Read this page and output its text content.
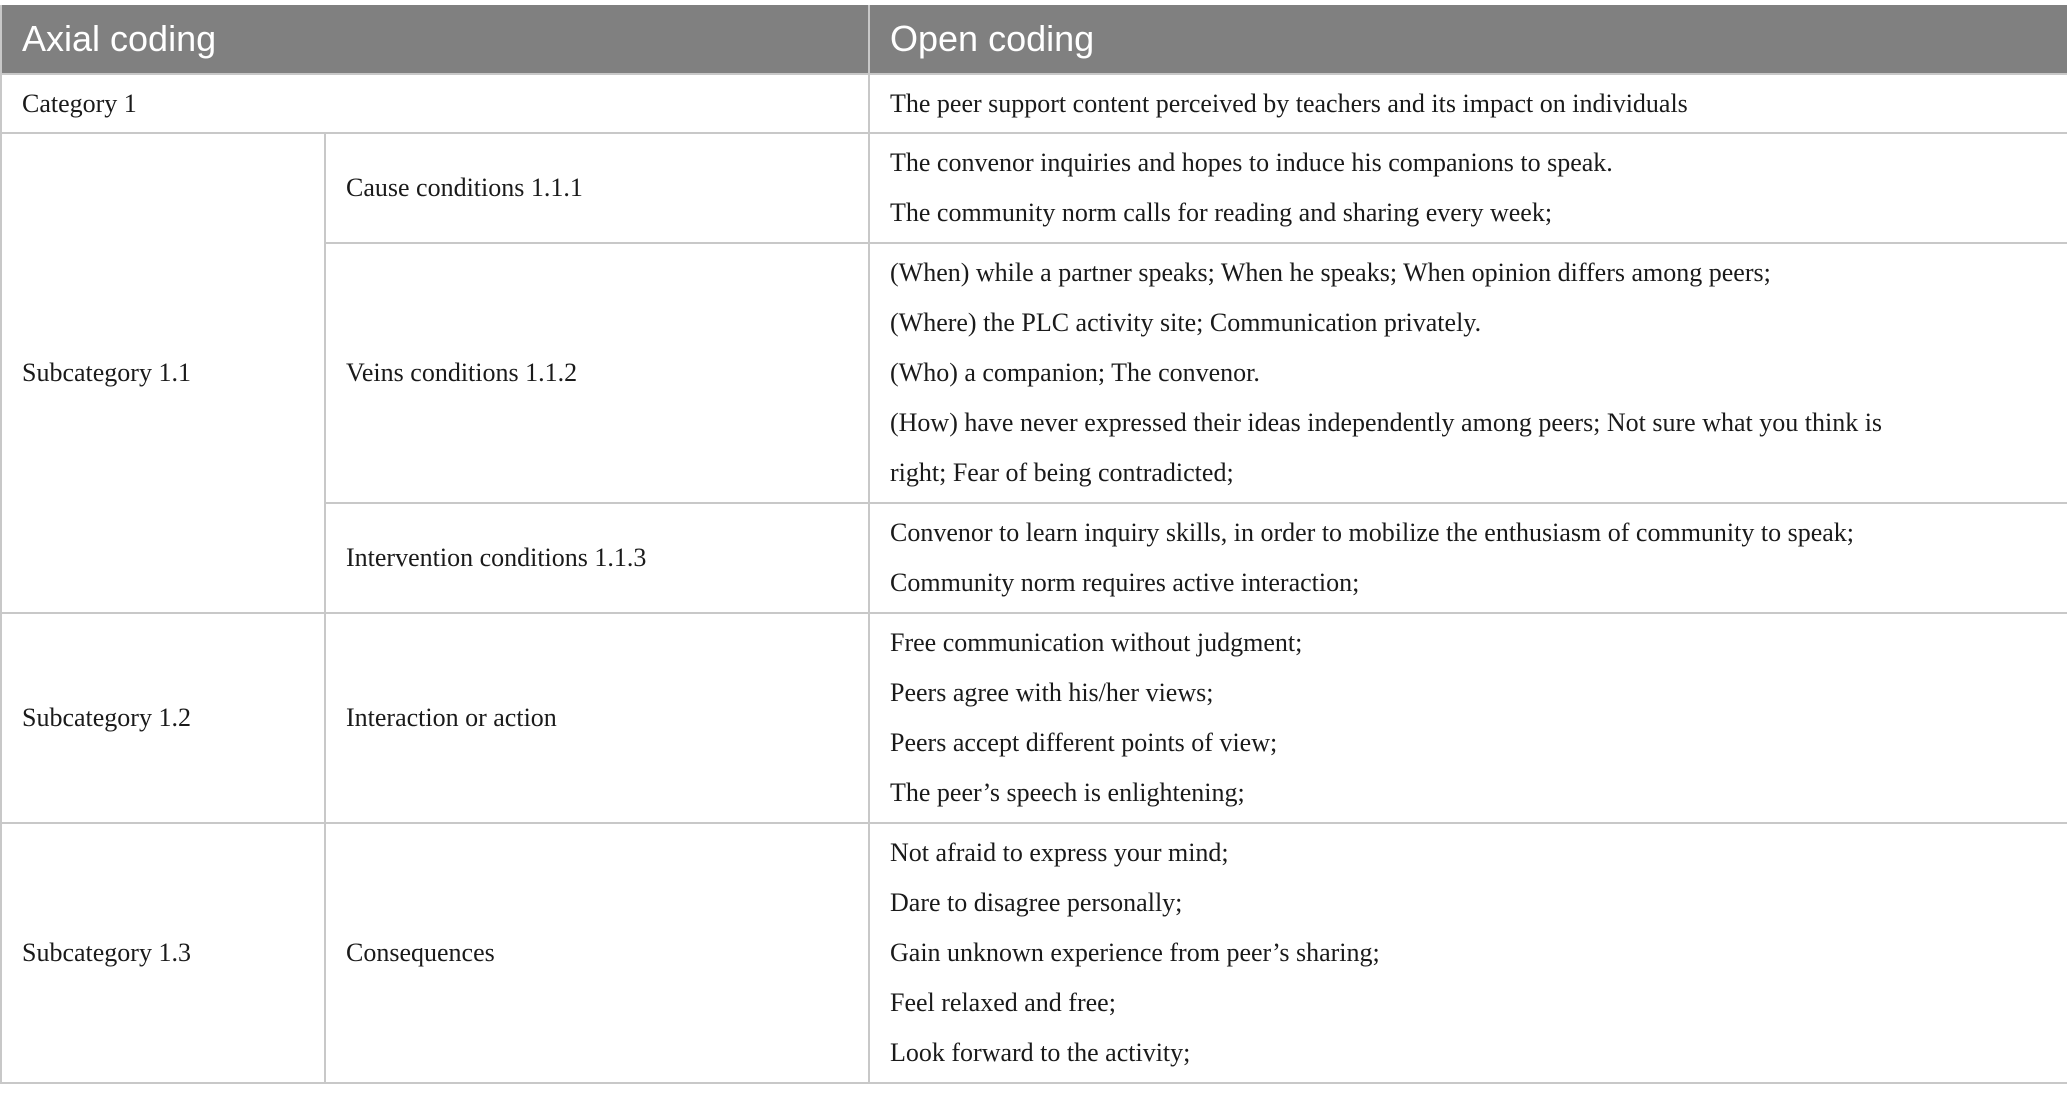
Axial coding		Open coding
Category 1		The peer support content perceived by teachers and its impact on individuals
Subcategory 1.1	Cause conditions 1.1.1	The convenor inquiries and hopes to induce his companions to speak.
The community norm calls for reading and sharing every week;

	Veins conditions 1.1.2	(When) while a partner speaks; When he speaks; When opinion differs among peers;
(Where) the PLC activity site; Communication privately.
(Who) a companion; The convenor.
(How) have never expressed their ideas independently among peers; Not sure what you think is
right; Fear of being contradicted;

	Intervention conditions 1.1.3	Convenor to learn inquiry skills, in order to mobilize the enthusiasm of community to speak;
Community norm requires active interaction;

Subcategory 1.2	Interaction or action	Free communication without judgment;
Peers agree with his/her views;
Peers accept different points of view;
The peer’s speech is enlightening;

Subcategory 1.3	Consequences	Not afraid to express your mind;
Dare to disagree personally;
Gain unknown experience from peer’s sharing;
Feel relaxed and free;
Look forward to the activity;
